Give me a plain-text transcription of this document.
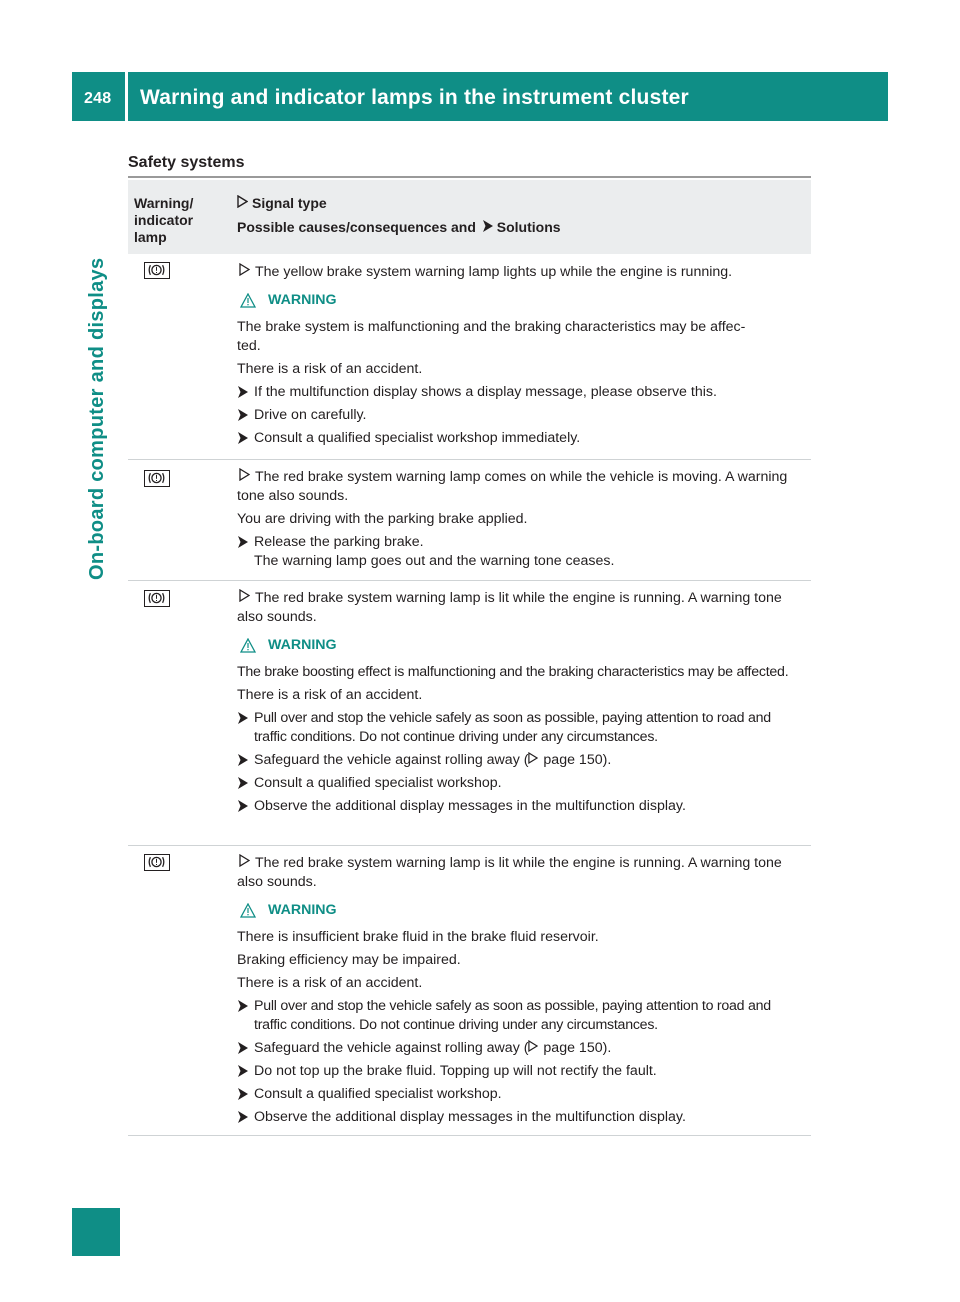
248 Warning and indicator lamps in the instrument cluster
On-board computer and displays
Safety systems
Warning/
indicator
lamp
Signal type
Possible causes/consequences and Solutions
The yellow brake system warning lamp lights up while the engine is running.
WARNING
The brake system is malfunctioning and the braking characteristics may be affec-
ted.
There is a risk of an accident.
If the multifunction display shows a display message, please observe this.
Drive on carefully.
Consult a qualified specialist workshop immediately.
The red brake system warning lamp comes on while the vehicle is moving. A warning tone also sounds.
You are driving with the parking brake applied.
Release the parking brake.
The warning lamp goes out and the warning tone ceases.
The red brake system warning lamp is lit while the engine is running. A warning tone also sounds.
WARNING
The brake boosting effect is malfunctioning and the braking characteristics may be affected.
There is a risk of an accident.
Pull over and stop the vehicle safely as soon as possible, paying attention to road and traffic conditions. Do not continue driving under any circumstances.
Safeguard the vehicle against rolling away ( page 150).
Consult a qualified specialist workshop.
Observe the additional display messages in the multifunction display.
The red brake system warning lamp is lit while the engine is running. A warning tone also sounds.
WARNING
There is insufficient brake fluid in the brake fluid reservoir.
Braking efficiency may be impaired.
There is a risk of an accident.
Pull over and stop the vehicle safely as soon as possible, paying attention to road and traffic conditions. Do not continue driving under any circumstances.
Safeguard the vehicle against rolling away ( page 150).
Do not top up the brake fluid. Topping up will not rectify the fault.
Consult a qualified specialist workshop.
Observe the additional display messages in the multifunction display.
